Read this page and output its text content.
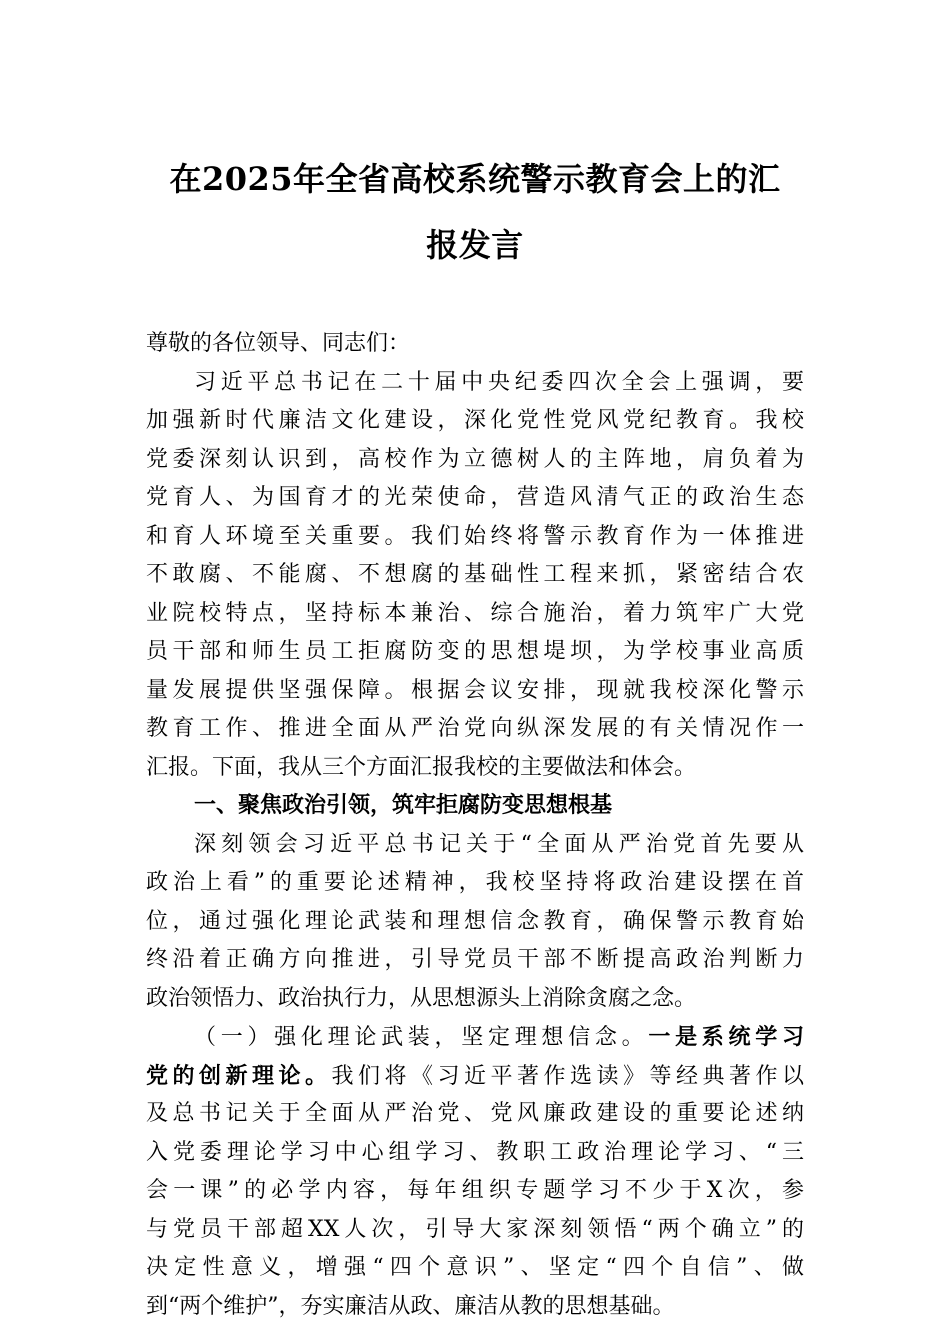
在2025年全省高校系统警示教育会上的汇
报发言
尊敬的各位领导、同志们：
习近平总书记在二十届中央纪委四次全会上强调，要
加强新时代廉洁文化建设，深化党性党风党纪教育。我校
党委深刻认识到，高校作为立德树人的主阵地，肩负着为
党育人、为国育才的光荣使命，营造风清气正的政治生态
和育人环境至关重要。我们始终将警示教育作为一体推进
不敢腐、不能腐、不想腐的基础性工程来抓，紧密结合农
业院校特点，坚持标本兼治、综合施治，着力筑牢广大党
员干部和师生员工拒腐防变的思想堤坝，为学校事业高质
量发展提供坚强保障。根据会议安排，现就我校深化警示
教育工作、推进全面从严治党向纵深发展的有关情况作一
汇报。下面，我从三个方面汇报我校的主要做法和体会。
一、聚焦政治引领，筑牢拒腐防变思想根基
深刻领会习近平总书记关于“全面从严治党首先要从
政治上看”的重要论述精神，我校坚持将政治建设摆在首
位，通过强化理论武装和理想信念教育，确保警示教育始
终沿着正确方向推进，引导党员干部不断提高政治判断力
政治领悟力、政治执行力，从思想源头上消除贪腐之念。
（一）强化理论武装，坚定理想信念。一是系统学习
党的创新理论。我们将《习近平著作选读》等经典著作以
及总书记关于全面从严治党、党风廉政建设的重要论述纳
入党委理论学习中心组学习、教职工政治理论学习、“三
会一课”的必学内容，每年组织专题学习不少于X次，参
与党员干部超XX人次，引导大家深刻领悟“两个确立”的
决定性意义，增强“四个意识”、坚定“四个自信”、做
到“两个维护”，夯实廉洁从政、廉洁从教的思想基础。
